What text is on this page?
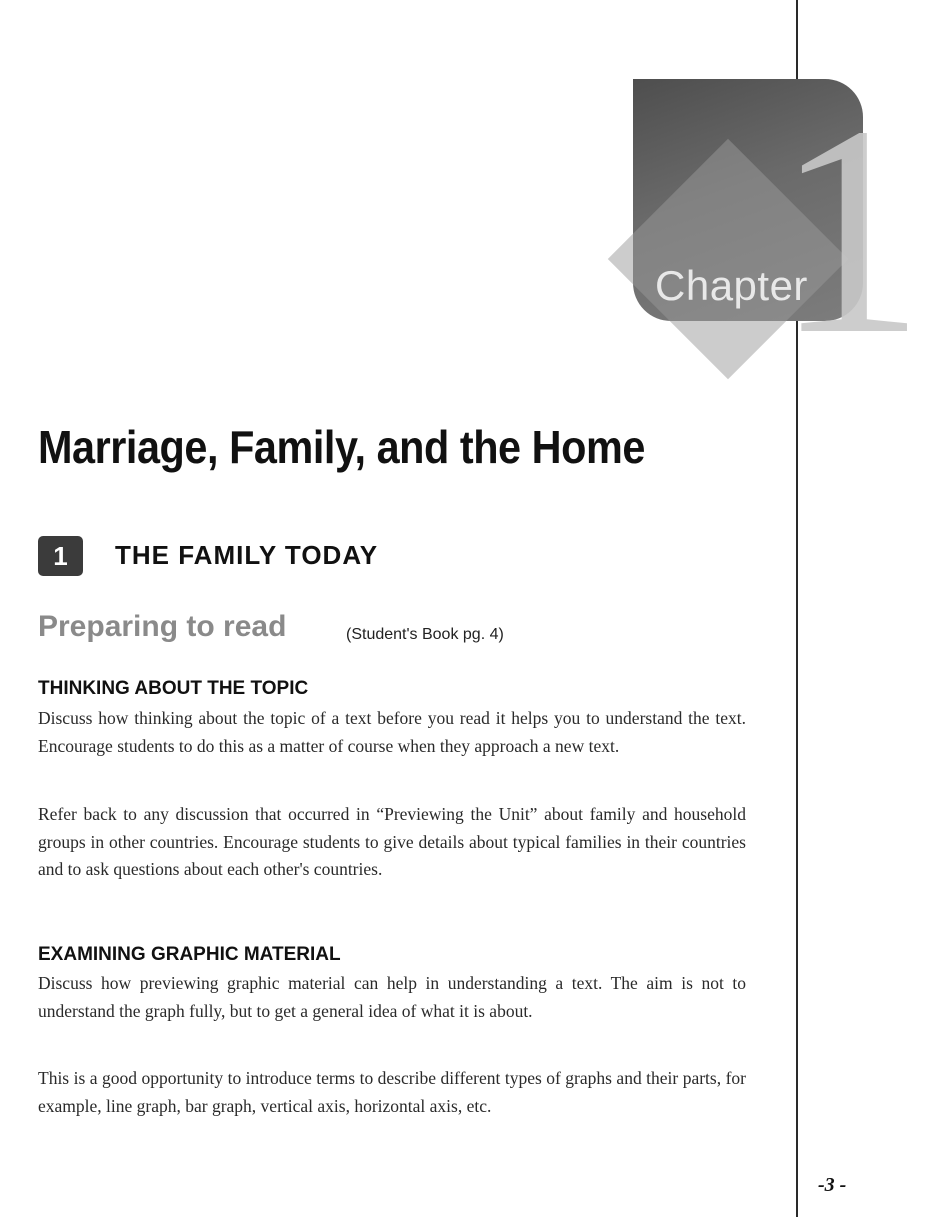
1
Chapter
Marriage, Family, and the Home
1	THE FAMILY TODAY
Preparing to read	(Student's Book pg. 4)
THINKING ABOUT THE TOPIC
Discuss how thinking about the topic of a text before you read it helps you to understand the text. Encourage students to do this as a matter of course when they approach a new text.
Refer back to any discussion that occurred in “Previewing the Unit” about family and household groups in other countries. Encourage students to give details about typical families in their countries and to ask questions about each other's countries.
EXAMINING GRAPHIC MATERIAL
Discuss how previewing graphic material can help in understanding a text. The aim is not to understand the graph fully, but to get a general idea of what it is about.
This is a good opportunity to introduce terms to describe different types of graphs and their parts, for example, line graph, bar graph, vertical axis, horizontal axis, etc.
-3 -
